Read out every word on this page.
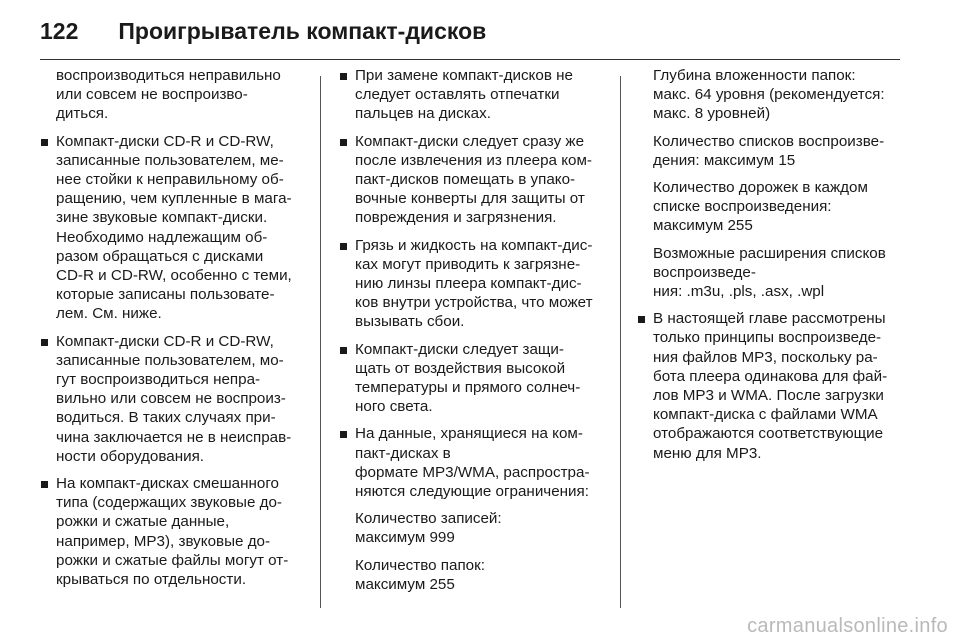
122 Проигрыватель компакт-дисков

воспроизводиться неправильно
или совсем не воспроизво-
диться.

Компакт-диски CD-R и CD-RW,
записанные пользователем, ме-
нее стойки к неправильному об-
ращению, чем купленные в мага-
зине звуковые компакт-диски.
Необходимо надлежащим об-
разом обращаться с дисками
CD-R и CD-RW, особенно с теми,
которые записаны пользовате-
лем. См. ниже.
Компакт-диски CD-R и CD-RW,
записанные пользователем, мо-
гут воспроизводиться непра-
вильно или совсем не воспроиз-
водиться. В таких случаях при-
чина заключается не в неисправ-
ности оборудования.
На компакт-дисках смешанного
типа (содержащих звуковые до-
рожки и сжатые данные,
например, MP3), звуковые до-
рожки и сжатые файлы могут от-
крываться по отдельности.
При замене компакт-дисков не
следует оставлять отпечатки
пальцев на дисках.
Компакт-диски следует сразу же
после извлечения из плеера ком-
пакт-дисков помещать в упако-
вочные конверты для защиты от
повреждения и загрязнения.
Грязь и жидкость на компакт-дис-
ках могут приводить к загрязне-
нию линзы плеера компакт-дис-
ков внутри устройства, что может
вызывать сбои.
Компакт-диски следует защи-
щать от воздействия высокой
температуры и прямого солнеч-
ного света.
На данные, хранящиеся на ком-
пакт-дисках в
формате MP3/WMA, распростра-
няются следующие ограничения:

Количество записей:
максимум 999

Количество папок:
максимум 255

Глубина вложенности папок:
макс. 64 уровня (рекомендуется:
макс. 8 уровней)

Количество списков воспроизве-
дения: максимум 15

Количество дорожек в каждом
списке воспроизведения:
максимум 255

Возможные расширения списков
воспроизведе-
ния: .m3u, .pls, .asx, .wpl

В настоящей главе рассмотрены
только принципы воспроизведе-
ния файлов MP3, поскольку ра-
бота плеера одинакова для фай-
лов MP3 и WMA. После загрузки
компакт-диска с файлами WMA
отображаются соответствующие
меню для MP3.
carmanualsonline.info
